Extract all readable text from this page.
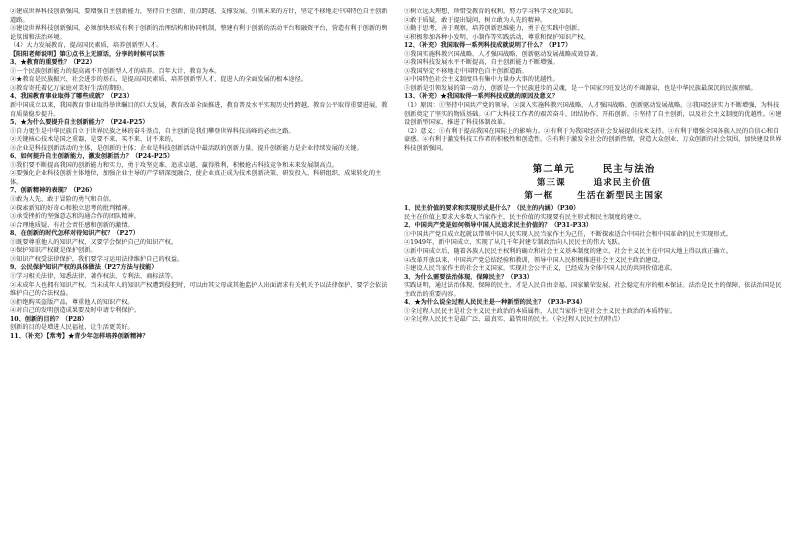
②建成世界科技创新强国，要增强自主创新能力，坚持自主创新、重点跨越、支撑发展、引领未来的方针，坚定不移地走中国特色自主创新道路。

③建设世界科技创新强国，必须加快形成有利于创新的治理结构和协同机制，整建有利于创新的活动平台和融资平台，营造有利于创新的舆论氛围和法治环境。

（4）大力发展教育，提高国民素质，培养创新型人才。

【阳阳老师说明】第①点书上无原话，分享的时候可以答

3、★教育的重要性？（P22）

①一个民族创新能力的提高离不开创新型人才的培养。百年大计，教育为本。

②★教育是民族振兴、社会进步的基石，是提高国民素质、培养创新型人才、促进人的全面发展的根本途径。

③教育寄托着亿万家庭对美好生活的期盼。

4、我国教育事业取得了哪些成就？（P23）

新中国成立以来，我国教育事业取得举世瞩目的巨大发展，教育改革全面推进，教育普及水平实现历史性跨越，教育公平取得重要进展，教育质量稳步提升。

5、★为什么要提升自主创新能力？（P24-P25）

①自力更生是中华民族自立于世界民族之林的奋斗基点，自主创新是我们攀登世界科技高峰的必由之路。

②关键核心技术是国之重器，是要不来、买不来、讨不来的。

③企业是科技创新活动的主体，是创新的主体；企业是科技创新活动中最活跃的创新力量。提升创新能力是企业持续发展的关键。

6、如何提升自主创新能力，激发创新活力？（P24-P25）

①我们要不断提高我国的创新能力和实力，勇于攻坚克难、追求卓越、赢得胜利，积极抢占科技竞争和未来发展制高点。

②要强化企业科技创新主体地位，加强企业主导的产学研深度融合，使企业真正成为技术创新决策、研发投入、科研组织、成果转化的主体。

7、创新精神的表现？（P26）

①敢为人先、敢于冒险的勇气和自信。

②探索新知的好奇心和独立思考的批判精神。

③承受挫折的坚强意志和沟通合作的团队精神。

④合理地质疑、有社会责任感和创新的激情。

8、在创新的时代怎样对待知识产权？（P27）

①既要尊重他人的知识产权，又要学会保护自己的知识产权。

②保护知识产权就是保护创新。

③知识产权受法律保护，我们要学习运用法律维护自己的权益。

9、公民保护知识产权的具体做法（P27方法与技能）

①学习相关法律，知悉法律、著作权法、专利法、商标法等。

②未成年人也拥有知识产权。当未成年人的知识产权遭到侵犯时，可以由其父母或其他监护人出面请求有关机关予以法律保护，要学会依法维护自己的合法权益。

③拒绝购买盗版产品，尊重他人的知识产权。

④对自己的发明创造成果要及时申请专利保护。

10、创新的目的？（P28）

创新的目的是增进人民福祉，让生活更美好。

11、（补充）【常考】★青少年怎样培养创新精神？

①树立远大理想，珍惜受教育的权利，努力学习科学文化知识。

②敢于质疑，敢于提出疑问，树立敢为人先的精神。

③勤于思考，善于观察，培养创新思维能力，勇于在实践中创新。

④积极参加各种小发明、小制作等实践活动，尊重和保护知识产权。

12、（补充）我国取得一系列科技成就说明了什么？（P17）

①我国实施科教兴国战略、人才强国战略、创新驱动发展战略成效显著。

②我国科技发展水平不断提高，自主创新能力不断增强。

③我国坚定不移地走中国特色自主创新道路。

④中国特色社会主义制度具有集中力量办大事的优越性。

⑤创新是引领发展的第一动力，创新是一个民族进步的灵魂，是一个国家兴旺发达的不竭源泉，也是中华民族最深沉的民族禀赋。

13、（补充）★我国取得一系列科技成就的原因及意义？

（1）原因：①坚持中国共产党的领导。②深入实施科教兴国战略、人才强国战略、创新驱动发展战略。③我国经济实力不断增强，为科技创新奠定了坚实的物质基础。④广大科技工作者的艰苦奋斗、团结协作、开拓创新。⑤坚持了自主创新，以及社会主义制度的优越性。⑥建设创新型国家，推进了科技体制改革。

（2）意义：①有利于提高我国在国际上的影响力。②有利于为我国经济社会发展提供技术支持。③有利于增强全国各族人民的自信心和自豪感。④有利于激发科技工作者的积极性和创造性。⑤有利于激发全社会的创新热情，营造大众创业、万众创新的社会氛围，加快建设世界科技创新强国。

第二单元	民主与法治
第三课	追求民主价值
第一框	生活在新型民主国家

1、民主价值的要求和实现形式是什么？（民主的内涵）（P30）

民主在价值上要求大多数人当家作主，民主价值的实现要有民主形式和民主制度的建立。

2、中国共产党是如何领导中国人民追求民主价值的？（P31-P33）

①中国共产党自成立起就以带领中国人民实现人民当家作主为己任，不断探索适合中国社会和中国革命的民主实现形式。

②1949年，新中国成立，实现了从几千年封建专制政治向人民民主的伟大飞跃。

③新中国成立后，随着各族人民民主权利的确立和社会主义基本制度的建立，社会主义民主在中国大地上得以真正确立。

④改革开放以来，中国共产党总结经验和教训，领导中国人民积极推进社会主义民主政治建设。

⑤建设人民当家作主的社会主义国家，实现社会公平正义，已经成为全体中国人民的共同价值追求。

3、为什么需要法治体现、保障民主？（P33）

实践证明，通过法治体现、保障的民主，才是人民自由幸福、国家繁荣发展、社会稳定有序的根本保证。法治是民主的保障，依法治国是民主政治的重要内容。

4、★为什么说全过程人民民主是一种新型的民主？（P33-P34）

①全过程人民民主是社会主义民主政治的本质属性，人民当家作主是社会主义民主政治的本质特征。

②全过程人民民主是最广泛、最真实、最管用的民主。（全过程人民民主的特点）
